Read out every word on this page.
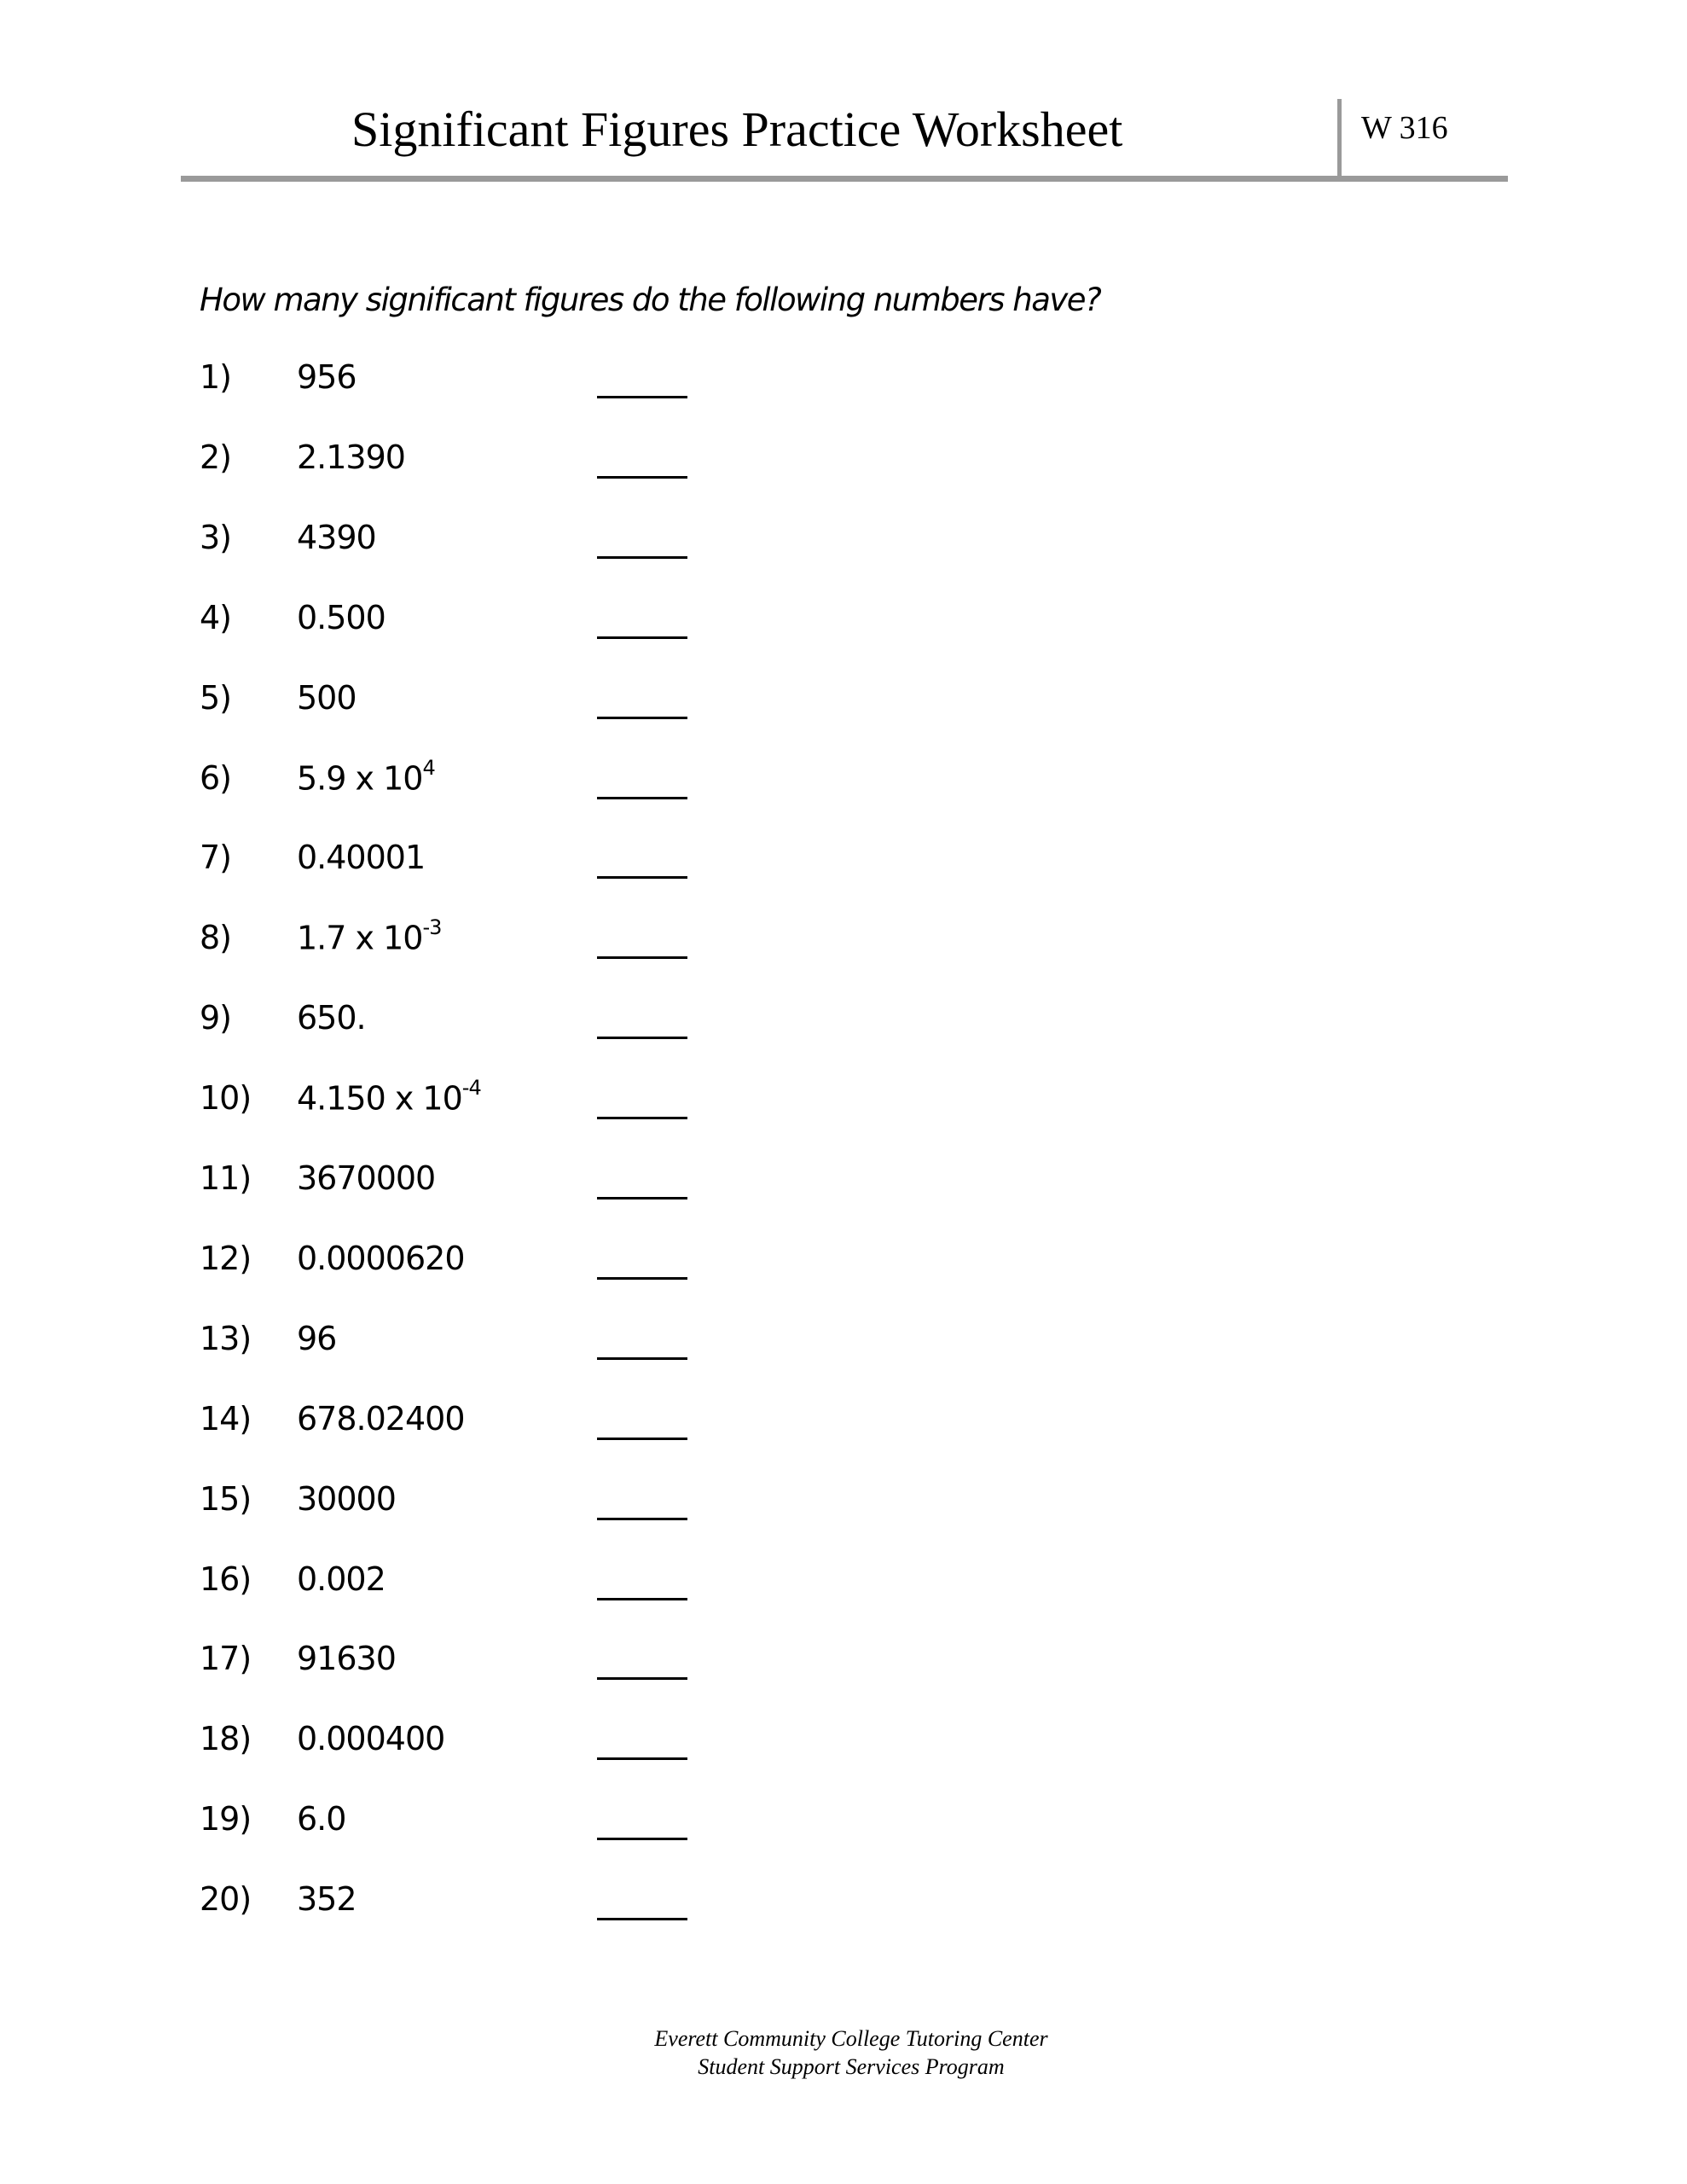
Significant Figures Practice Worksheet	W 316
How many significant figures do the following numbers have?
1) 956
2) 2.1390
3) 4390
4) 0.500
5) 500
6) 5.9 x $10^4$
7) 0.40001
8) 1.7 x $10^{-3}$
9) 650.
10) 4.150 x $10^{-4}$
11) 3670000
12) 0.0000620
13) 96
14) 678.02400
15) 30000
16) 0.002
17) 91630
18) 0.000400
19) 6.0
20) 352
Everett Community College Tutoring Center
Student Support Services Program
